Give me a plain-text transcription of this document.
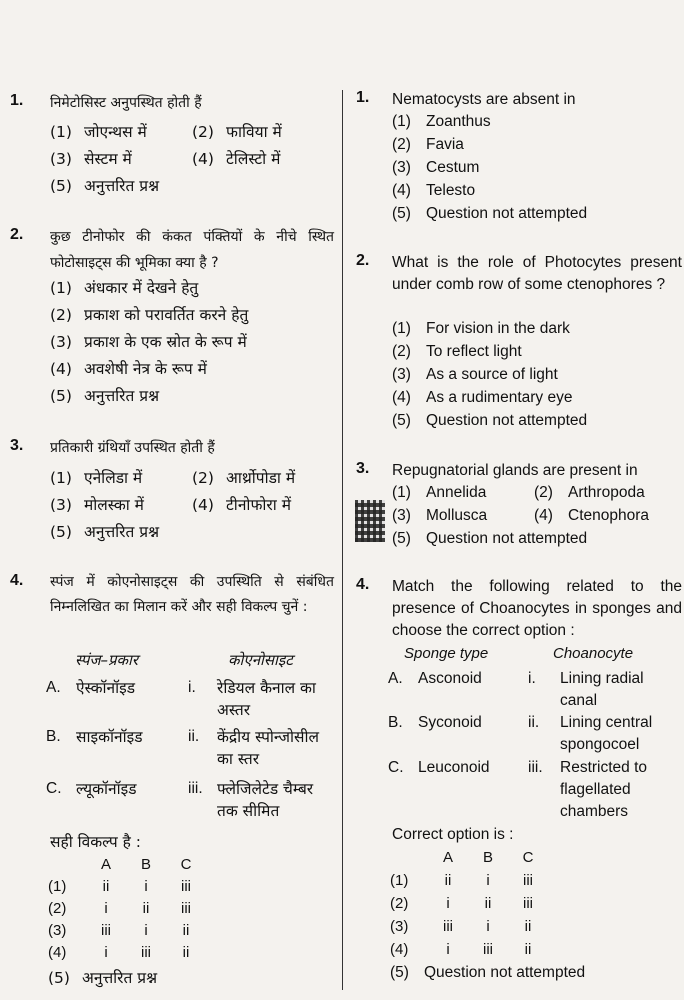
1. निमेटोसिस्ट अनुपस्थित होती हैं
(1) जोएन्थस में	(2) फाविया में
(3) सेस्टम में	(4) टेलिस्टो में
(5) अनुत्तरित प्रश्न
2. कुछ टीनोफोर की कंकत पंक्तियों के नीचे स्थित फोटोसाइट्स की भूमिका क्या है ?
(1) अंधकार में देखने हेतु
(2) प्रकाश को परावर्तित करने हेतु
(3) प्रकाश के एक स्रोत के रूप में
(4) अवशेषी नेत्र के रूप में
(5) अनुत्तरित प्रश्न
3. प्रतिकारी ग्रंथियाँ उपस्थित होती हैं
(1) एनेलिडा में	(2) आर्थ्रोपोडा में
(3) मोलस्का में	(4) टीनोफोरा में
(5) अनुत्तरित प्रश्न
4. स्पंज में कोएनोसाइट्स की उपस्थिति से संबंधित निम्नलिखित का मिलान करें और सही विकल्प चुनें :
स्पंज–प्रकार	कोएनोसाइट
A. ऐस्कॉनॉइड	i. रेडियल कैनाल का अस्तर
B. साइकॉनॉइड	ii. केंद्रीय स्पोन्जोसील का स्तर
C. ल्यूकॉनॉइड	iii. फ्लेजिलेटेड चैम्बर तक सीमित
सही विकल्प है :
A	B	C
(1)	ii	i	iii
(2)	i	ii	iii
(3)	iii	i	ii
(4)	i	iii	ii
(5) अनुत्तरित प्रश्न
1. Nematocysts are absent in
(1) Zoanthus
(2) Favia
(3) Cestum
(4) Telesto
(5) Question not attempted
2. What is the role of Photocytes present under comb row of some ctenophores ?
(1) For vision in the dark
(2) To reflect light
(3) As a source of light
(4) As a rudimentary eye
(5) Question not attempted
3. Repugnatorial glands are present in
(1) Annelida	(2) Arthropoda
(3) Mollusca	(4) Ctenophora
(5) Question not attempted
4. Match the following related to the presence of Choanocytes in sponges and choose the correct option :
Sponge type	Choanocyte
A. Asconoid	i. Lining radial canal
B. Syconoid	ii. Lining central spongocoel
C. Leuconoid iii. Restricted to flagellated chambers
Correct option is :
A	B	C
(1)	ii	i	iii
(2)	i	ii	iii
(3)	iii	i	ii
(4)	i	iii	ii
(5) Question not attempted
